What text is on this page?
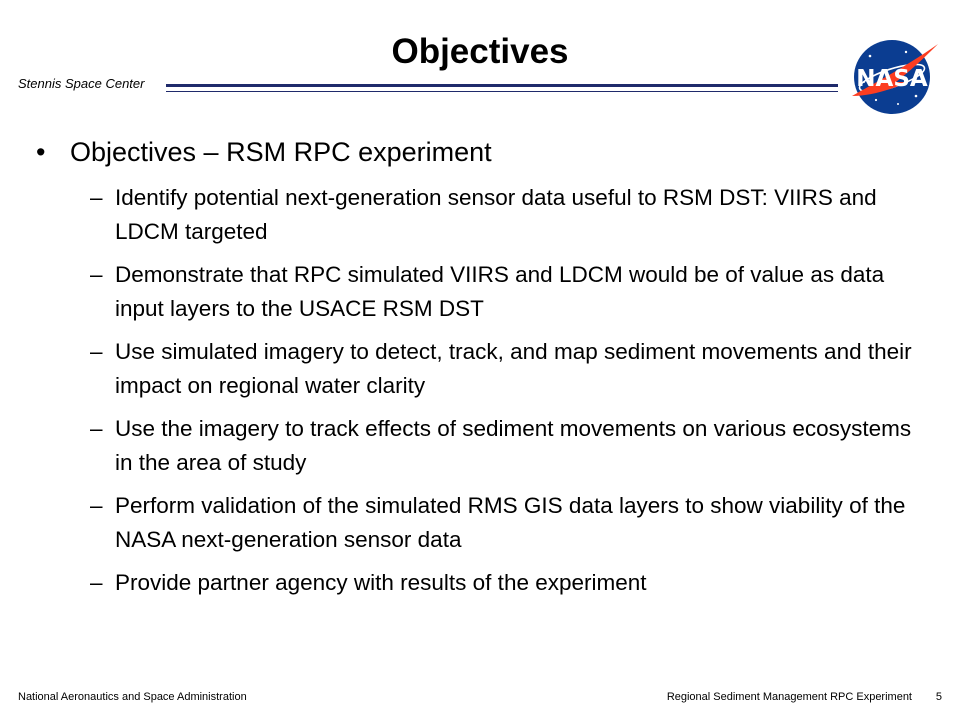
Objectives
Stennis Space Center	NASA
• Objectives – RSM RPC experiment
– Identify potential next-generation sensor data useful to RSM DST: VIIRS and LDCM targeted
– Demonstrate that RPC simulated VIIRS and LDCM would be of value as data input layers to the USACE RSM DST
– Use simulated imagery to detect, track, and map sediment movements and their impact on regional water clarity
– Use the imagery to track effects of sediment movements on various ecosystems in the area of study
– Perform validation of the simulated RMS GIS data layers to show viability of the NASA next-generation sensor data
– Provide partner agency with results of the experiment
National Aeronautics and Space Administration	Regional Sediment Management RPC Experiment	5
